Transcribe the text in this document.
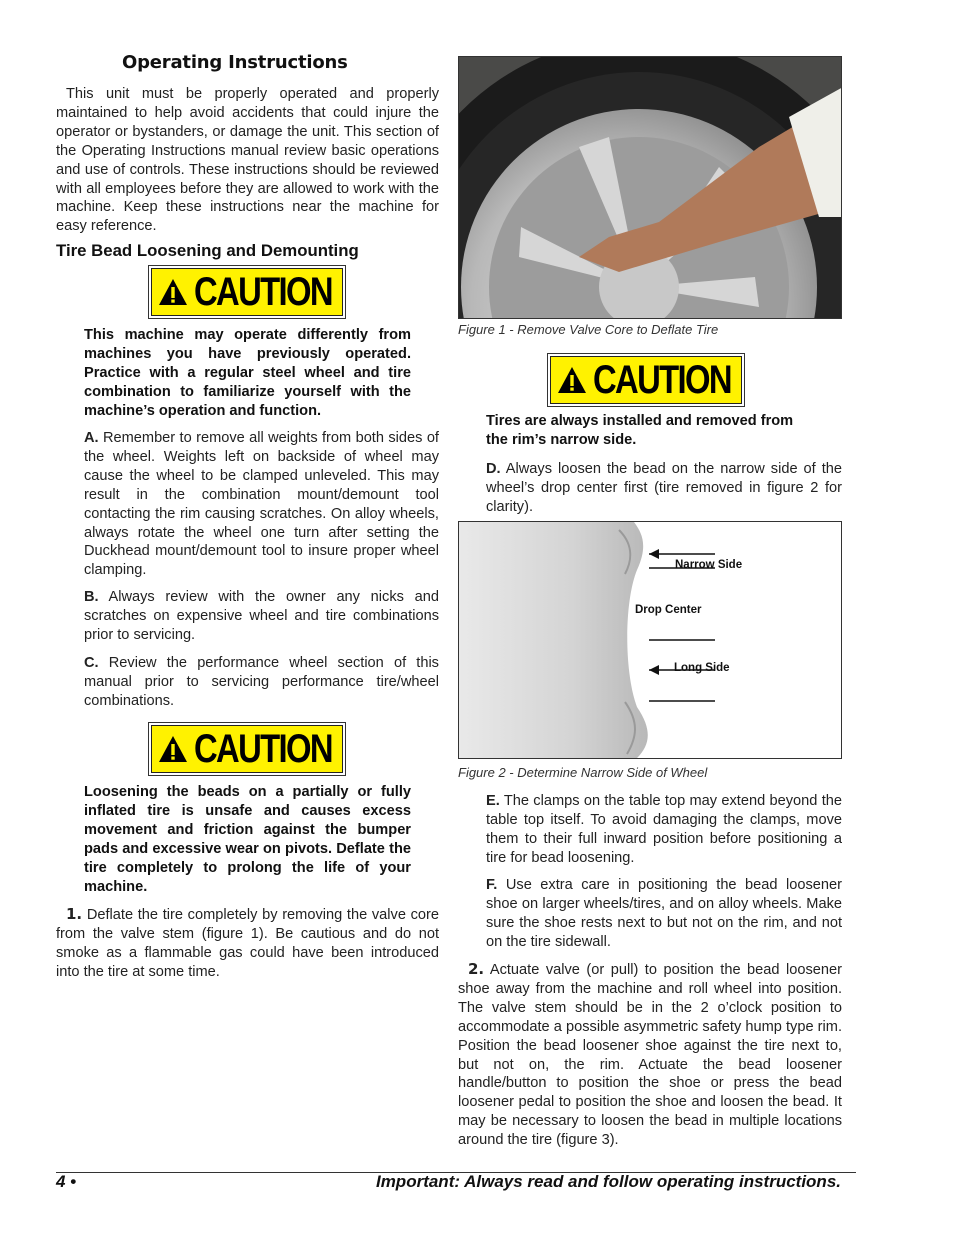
Operating Instructions

This unit must be properly operated and properly maintained to help avoid accidents that could injure the operator or bystanders, or damage the unit. This section of the Operating Instructions manual review basic operations and use of controls. These instructions should be reviewed with all employees before they are allowed to work with the machine. Keep these instructions near the machine for easy reference.

Tire Bead Loosening and Demounting
CAUTION

This machine may operate differently from machines you have previously operated. Practice with a regular steel wheel and tire combination to familiarize yourself with the machine’s operation and function.

A. Remember to remove all weights from both sides of the wheel. Weights left on backside of wheel may cause the wheel to be clamped unleveled. This may result in the combination mount/demount tool contacting the rim causing scratches. On alloy wheels, always rotate the wheel one turn after setting the Duckhead mount/demount tool to insure proper wheel clamping.

B. Always review with the owner any nicks and scratches on expensive wheel and tire combinations prior to servicing.

C. Review the performance wheel section of this manual prior to servicing performance tire/wheel combinations.

CAUTION

Loosening the beads on a partially or fully inflated tire is unsafe and causes excess movement and friction against the bumper pads and excessive wear on pivots. Deflate the tire completely to prolong the life of your machine.

1. Deflate the tire completely by removing the valve core from the valve stem (figure 1). Be cautious and do not smoke as a flammable gas could have been introduced into the tire at some time.

Figure 1 - Remove Valve Core to Deflate Tire

CAUTION

Tires are always installed and removed from the rim’s narrow side.

D. Always loosen the bead on the narrow side of the wheel’s drop center first (tire removed in figure 2 for clarity).

Narrow Side
Drop Center
Long Side

Figure 2 - Determine Narrow Side of Wheel

E. The clamps on the table top may extend beyond the table top itself. To avoid damaging the clamps, move them to their full inward position before positioning a tire for bead loosening.

F. Use extra care in positioning the bead loosener shoe on larger wheels/tires, and on alloy wheels. Make sure the shoe rests next to but not on the rim, and not on the tire sidewall.

2. Actuate valve (or pull) to position the bead loosener shoe away from the machine and roll wheel into position. The valve stem should be in the 2 o’clock position to accommodate a possible asymmetric safety hump type rim. Position the bead loosener shoe against the tire next to, but not on, the rim. Actuate the bead loosener handle/button to position the shoe or press the bead loosener pedal to position the shoe and loosen the bead. It may be necessary to loosen the bead in multiple locations around the tire (figure 3).

4 •	Important: Always read and follow operating instructions.
